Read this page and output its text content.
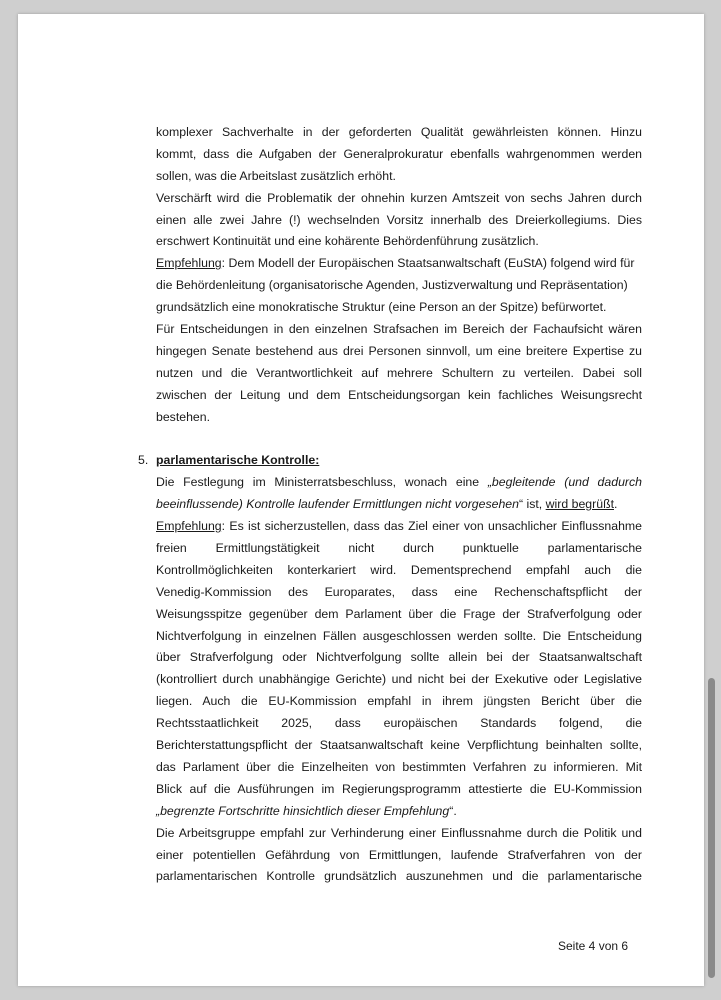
komplexer Sachverhalte in der geforderten Qualität gewährleisten können. Hinzu
kommt, dass die Aufgaben der Generalprokuratur ebenfalls wahrgenommen werden
sollen, was die Arbeitslast zusätzlich erhöht.
Verschärft wird die Problematik der ohnehin kurzen Amtszeit von sechs Jahren durch
einen alle zwei Jahre (!) wechselnden Vorsitz innerhalb des Dreierkollegiums. Dies
erschwert Kontinuität und eine kohärente Behördenführung zusätzlich.
Empfehlung: Dem Modell der Europäischen Staatsanwaltschaft (EuStA) folgend wird für
die Behördenleitung (organisatorische Agenden, Justizverwaltung und Repräsentation)
grundsätzlich eine monokratische Struktur (eine Person an der Spitze) befürwortet.
Für Entscheidungen in den einzelnen Strafsachen im Bereich der Fachaufsicht wären
hingegen Senate bestehend aus drei Personen sinnvoll, um eine breitere Expertise zu
nutzen und die Verantwortlichkeit auf mehrere Schultern zu verteilen. Dabei soll
zwischen der Leitung und dem Entscheidungsorgan kein fachliches Weisungsrecht
bestehen.
5. parlamentarische Kontrolle:
Die Festlegung im Ministerratsbeschluss, wonach eine „begleitende (und dadurch
beeinflussende) Kontrolle laufender Ermittlungen nicht vorgesehen“ ist, wird begrüßt.
Empfehlung: Es ist sicherzustellen, dass das Ziel einer von unsachlicher Einflussnahme
freien Ermittlungstätigkeit nicht durch punktuelle parlamentarische
Kontrollmöglichkeiten konterkariert wird. Dementsprechend empfahl auch die
Venedig-Kommission des Europarates, dass eine Rechenschaftspflicht der
Weisungsspitze gegenüber dem Parlament über die Frage der Strafverfolgung oder
Nichtverfolgung in einzelnen Fällen ausgeschlossen werden sollte. Die Entscheidung
über Strafverfolgung oder Nichtverfolgung sollte allein bei der Staatsanwaltschaft
(kontrolliert durch unabhängige Gerichte) und nicht bei der Exekutive oder Legislative
liegen. Auch die EU-Kommission empfahl in ihrem jüngsten Bericht über die
Rechtsstaatlichkeit 2025, dass europäischen Standards folgend, die
Berichterstattungspflicht der Staatsanwaltschaft keine Verpflichtung beinhalten sollte,
das Parlament über die Einzelheiten von bestimmten Verfahren zu informieren. Mit
Blick auf die Ausführungen im Regierungsprogramm attestierte die EU-Kommission
„begrenzte Fortschritte hinsichtlich dieser Empfehlung“.
Die Arbeitsgruppe empfahl zur Verhinderung einer Einflussnahme durch die Politik und
einer potentiellen Gefährdung von Ermittlungen, laufende Strafverfahren von der
parlamentarischen Kontrolle grundsätzlich auszunehmen und die parlamentarische
Seite 4 von 6
